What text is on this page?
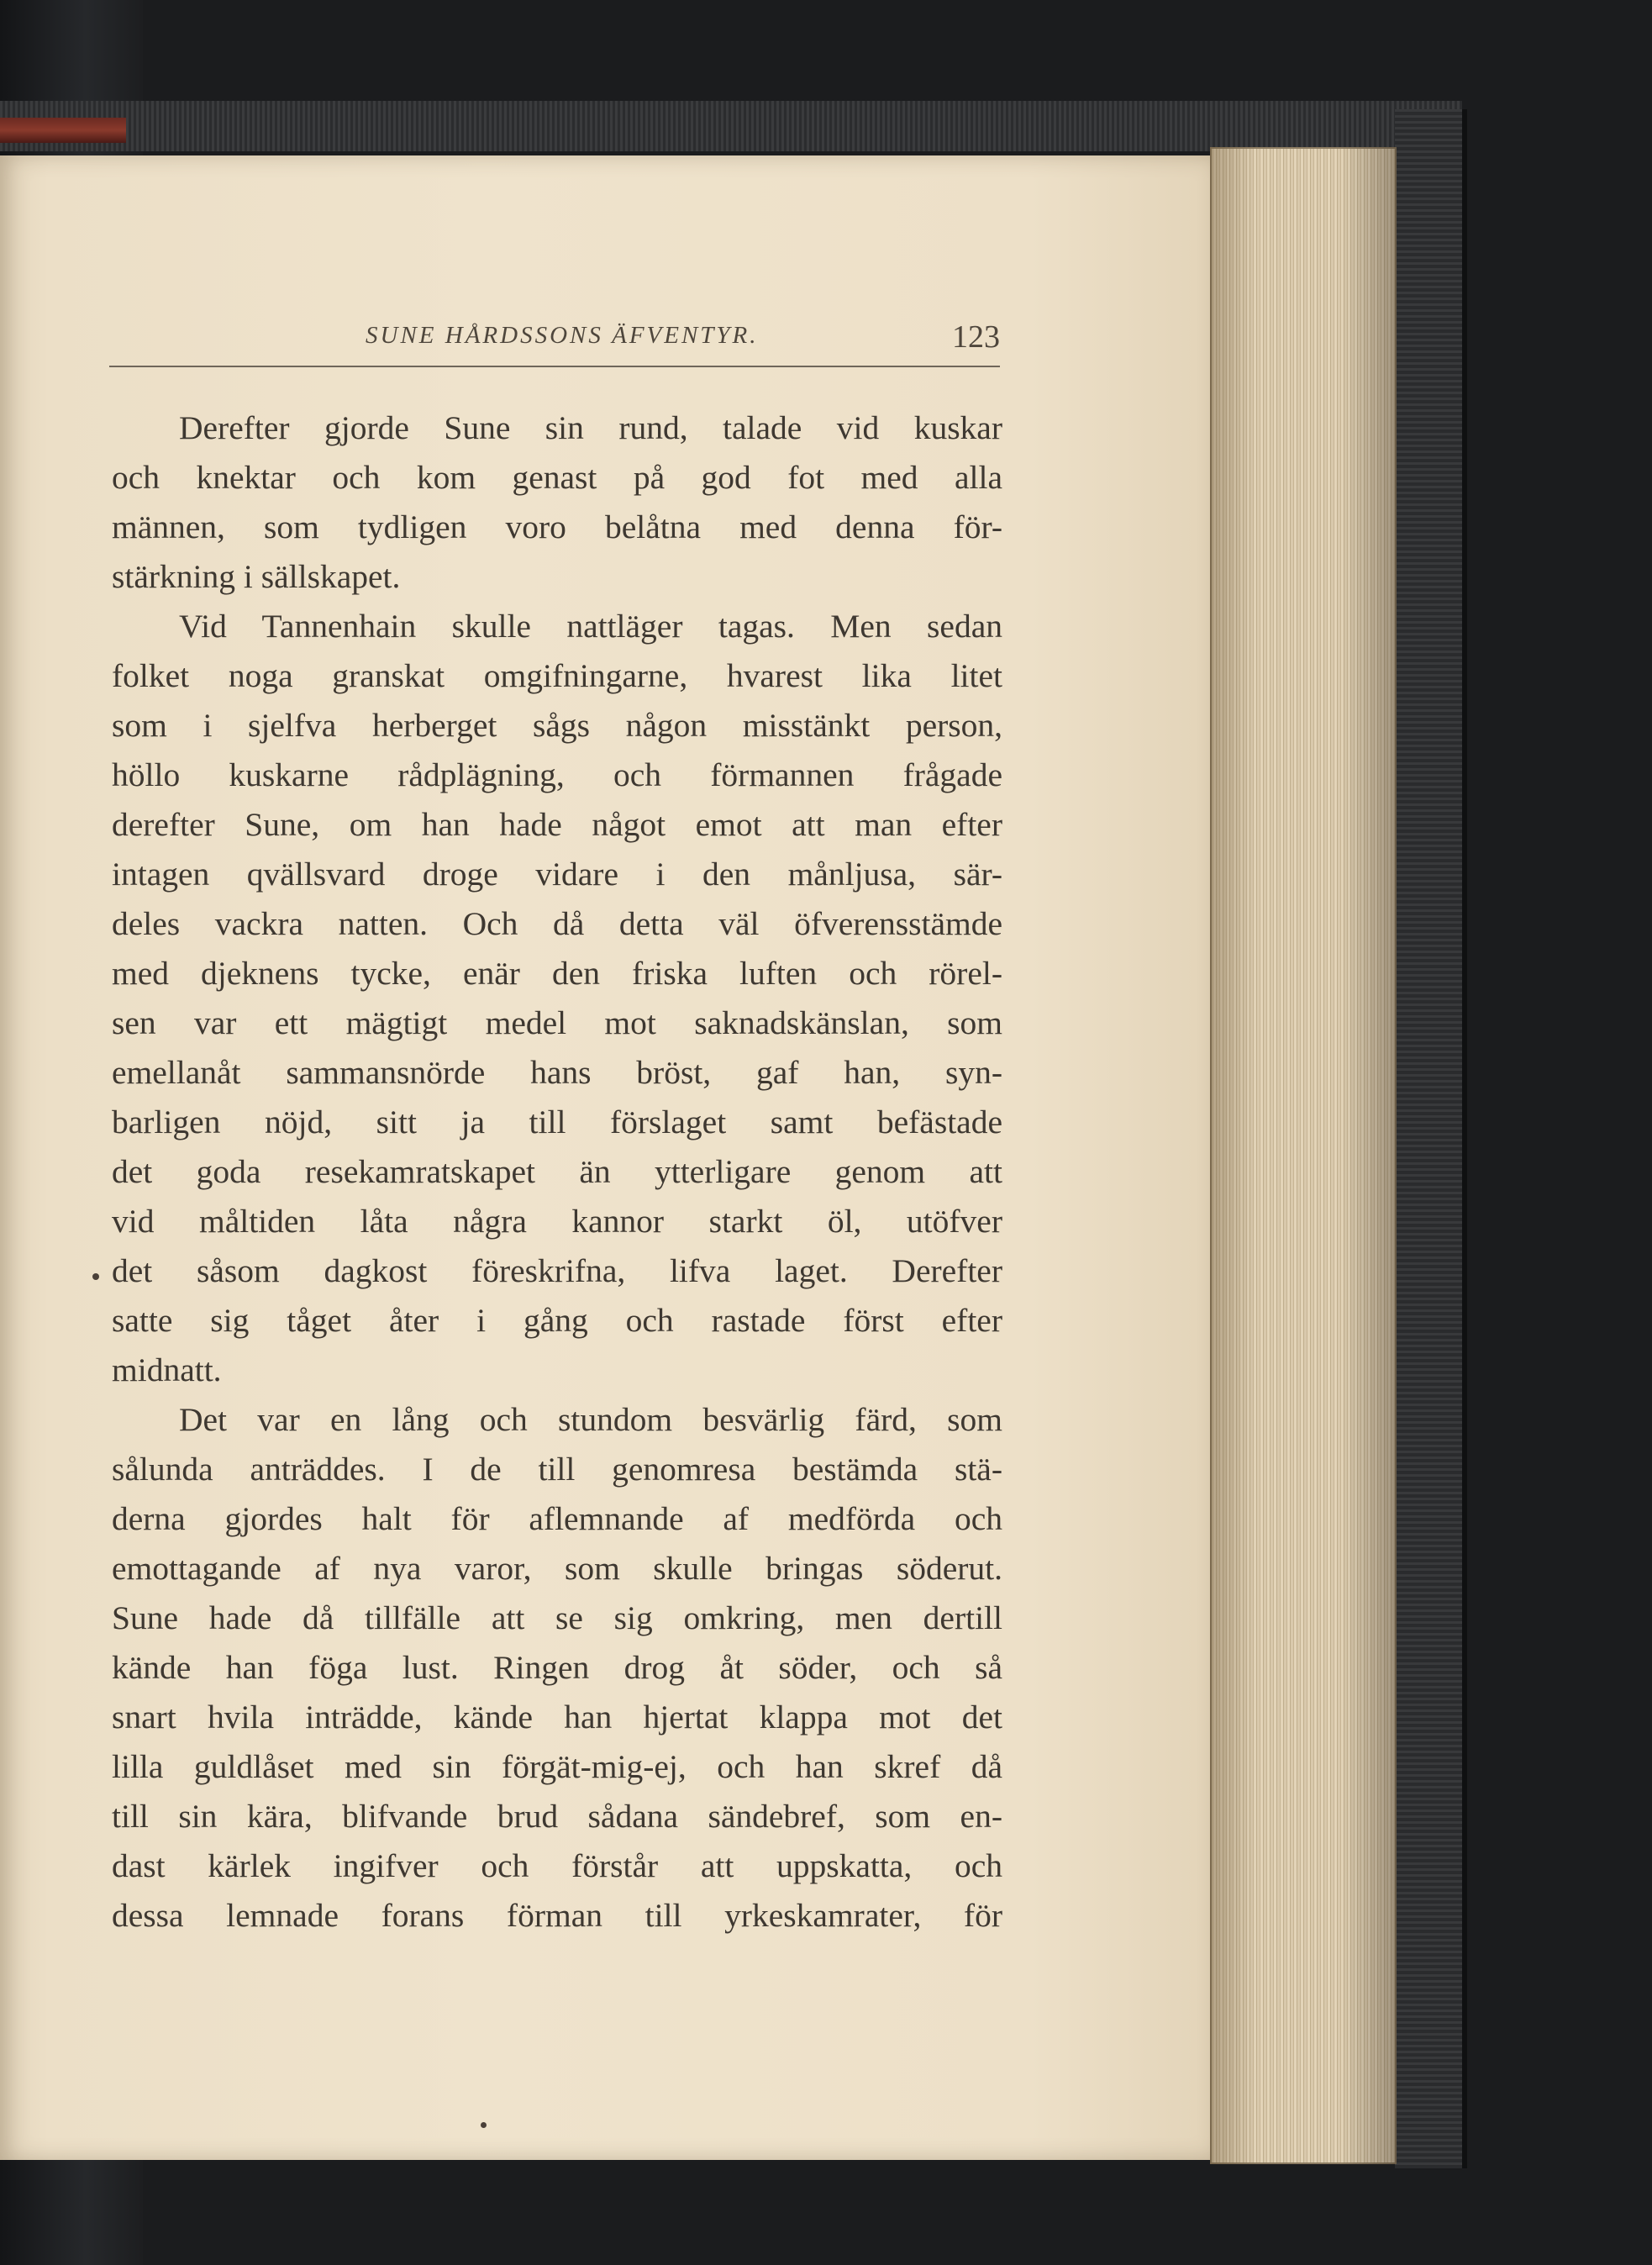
SUNE HÅRDSSONS ÄFVENTYR.	123
Derefter gjorde Sune sin rund, talade vid kuskar
och knektar och kom genast på god fot med alla
männen, som tydligen voro belåtna med denna för-
stärkning i sällskapet.
Vid Tannenhain skulle nattläger tagas. Men sedan
folket noga granskat omgifningarne, hvarest lika litet
som i sjelfva herberget sågs någon misstänkt person,
höllo kuskarne rådplägning, och förmannen frågade
derefter Sune, om han hade något emot att man efter
intagen qvällsvard droge vidare i den månljusa, sär-
deles vackra natten. Och då detta väl öfverensstämde
med djeknens tycke, enär den friska luften och rörel-
sen var ett mägtigt medel mot saknadskänslan, som
emellanåt sammansnörde hans bröst, gaf han, syn-
barligen nöjd, sitt ja till förslaget samt befästade
det goda resekamratskapet än ytterligare genom att
vid måltiden låta några kannor starkt öl, utöfver
det såsom dagkost föreskrifna, lifva laget. Derefter
satte sig tåget åter i gång och rastade först efter
midnatt.
Det var en lång och stundom besvärlig färd, som
sålunda anträddes. I de till genomresa bestämda stä-
derna gjordes halt för aflemnande af medförda och
emottagande af nya varor, som skulle bringas söderut.
Sune hade då tillfälle att se sig omkring, men dertill
kände han föga lust. Ringen drog åt söder, och så
snart hvila inträdde, kände han hjertat klappa mot det
lilla guldlåset med sin förgät-mig-ej, och han skref då
till sin kära, blifvande brud sådana sändebref, som en-
dast kärlek ingifver och förstår att uppskatta, och
dessa lemnade forans förman till yrkeskamrater, för
